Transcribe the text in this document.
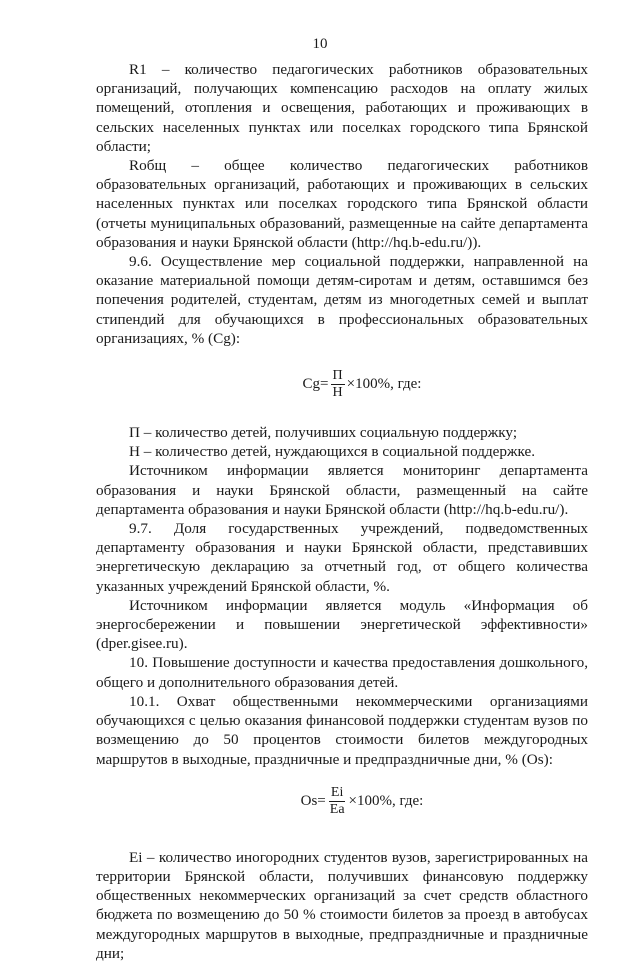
10

R1 – количество педагогических работников образовательных организаций, получающих компенсацию расходов на оплату жилых помещений, отопления и освещения, работающих и проживающих в сельских населенных пунктах или поселках городского типа Брянской области;

Rобщ – общее количество педагогических работников образовательных организаций, работающих и проживающих в сельских населенных пунктах или поселках городского типа Брянской области (отчеты муниципальных образований, размещенные на сайте департамента образования и науки Брянской области (http://hq.b-edu.ru/)).

9.6. Осуществление мер социальной поддержки, направленной на оказание материальной помощи детям-сиротам и детям, оставшимся без попечения родителей, студентам, детям из многодетных семей и выплат стипендий для обучающихся в профессиональных образовательных организациях, % (Cg):

$Cg= \frac{П}{Н} \times 100\%$, где:

П – количество детей, получивших социальную поддержку;

Н – количество детей, нуждающихся в социальной поддержке.

Источником информации является мониторинг департамента образования и науки Брянской области, размещенный на сайте департамента образования и науки Брянской области (http://hq.b-edu.ru/).

9.7. Доля государственных учреждений, подведомственных департаменту образования и науки Брянской области, представивших энергетическую декларацию за отчетный год, от общего количества указанных учреждений Брянской области, %.

Источником информации является модуль «Информация об энергосбережении и повышении энергетической эффективности» (dper.gisee.ru).

10. Повышение доступности и качества предоставления дошкольного, общего и дополнительного образования детей.

10.1. Охват общественными некоммерческими организациями обучающихся с целью оказания финансовой поддержки студентам вузов по возмещению до 50 процентов стоимости билетов междугородных маршрутов в выходные, праздничные и предпраздничные дни, % (Os):

$Os= \frac{Ei}{Ea} \times 100\%$, где:

Ei – количество иногородних студентов вузов, зарегистрированных на территории Брянской области, получивших финансовую поддержку общественных некоммерческих организаций за счет средств областного бюджета по возмещению до 50 % стоимости билетов за проезд в автобусах междугородных маршрутов в выходные, предпраздничные и праздничные дни;
